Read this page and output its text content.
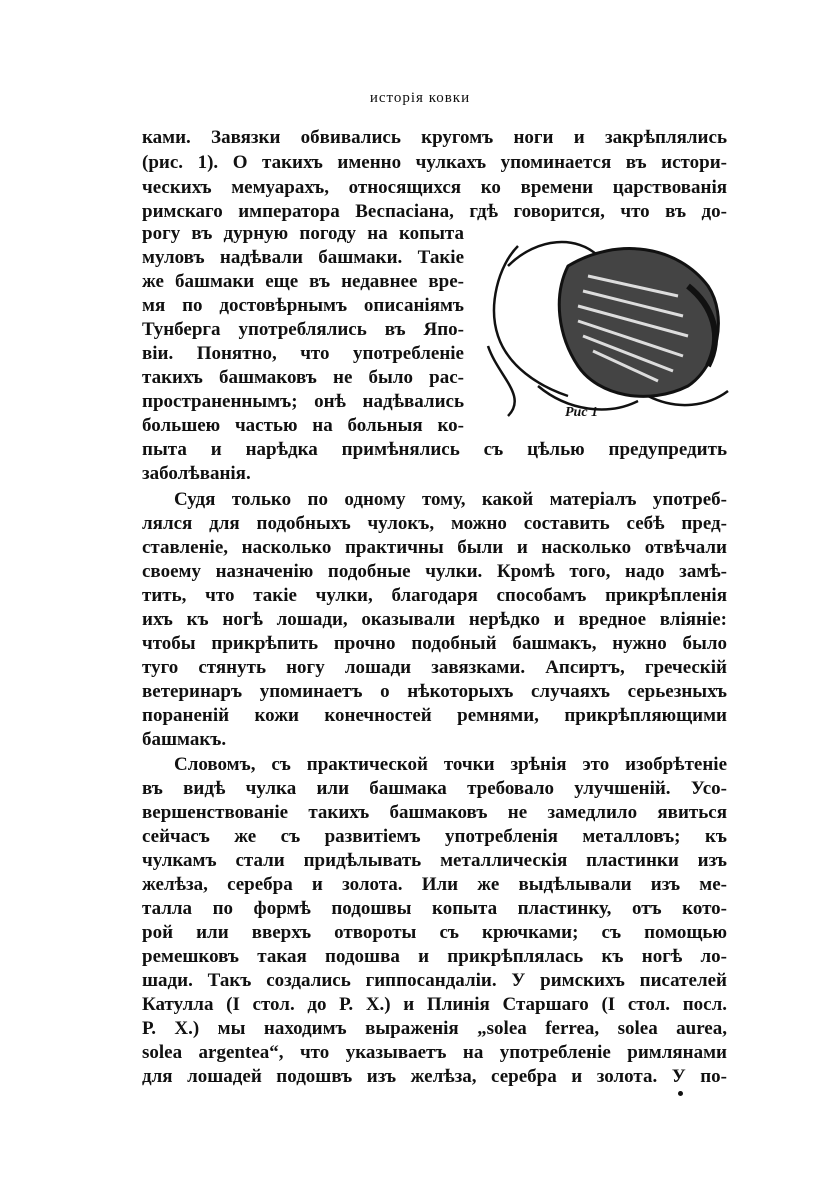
исторiя ковки
ками. Завязки обвивались кругомъ ноги и закрѣплялись
(рис. 1). О такихъ именно чулкахъ упоминается въ истори-
ческихъ мемуарахъ, относящихся ко времени царствованія
римскаго императора Веспасіана, гдѣ говорится, что въ до-
рогу въ дурную погоду на копыта
муловъ надѣвали башмаки. Такіе
же башмаки еще въ недавнее вре-
мя по достовѣрнымъ описаніямъ
Тунберга употреблялись въ Япо-
віи. Понятно, что употребленіе
такихъ башмаковъ не было рас-
пространеннымъ; онѣ надѣвались
большею частью на больныя ко-
Рис 1
пыта и нарѣдка примѣнялись съ цѣлью предупредить
заболѣванія.
Судя только по одному тому, какой матеріалъ употреб-
лялся для подобныхъ чулокъ, можно составить себѣ пред-
ставленіе, насколько практичны были и насколько отвѣчали
своему назначенію подобные чулки. Кромѣ того, надо замѣ-
тить, что такіе чулки, благодаря способамъ прикрѣпленія
ихъ къ ногѣ лошади, оказывали нерѣдко и вредное вліяніе:
чтобы прикрѣпить прочно подобный башмакъ, нужно было
туго стянуть ногу лошади завязками. Апсиртъ, греческій
ветеринаръ упоминаетъ о нѣкоторыхъ случаяхъ серьезныхъ
пораненій кожи конечностей ремнями, прикрѣпляющими
башмакъ.
Словомъ, съ практической точки зрѣнія это изобрѣтеніе
въ видѣ чулка или башмака требовало улучшеній. Усо-
вершенствованіе такихъ башмаковъ не замедлило явиться
сейчасъ же съ развитіемъ употребленія металловъ; къ
чулкамъ стали придѣлывать металлическія пластинки изъ
желѣза, серебра и золота. Или же выдѣлывали изъ ме-
талла по формѣ подошвы копыта пластинку, отъ кото-
рой или вверхъ отвороты съ крючками; съ помощью
ремешковъ такая подошва и прикрѣплялась къ ногѣ ло-
шади. Такъ создались гиппосандаліи. У римскихъ писателей
Катулла (I стол. до Р. Х.) и Плинія Старшаго (I стол. посл.
Р. Х.) мы находимъ выраженія „solea ferrea, solea aurea,
solea argentea“, что указываетъ на употребленіе римлянами
для лошадей подошвъ изъ желѣза, серебра и золота. У по-
